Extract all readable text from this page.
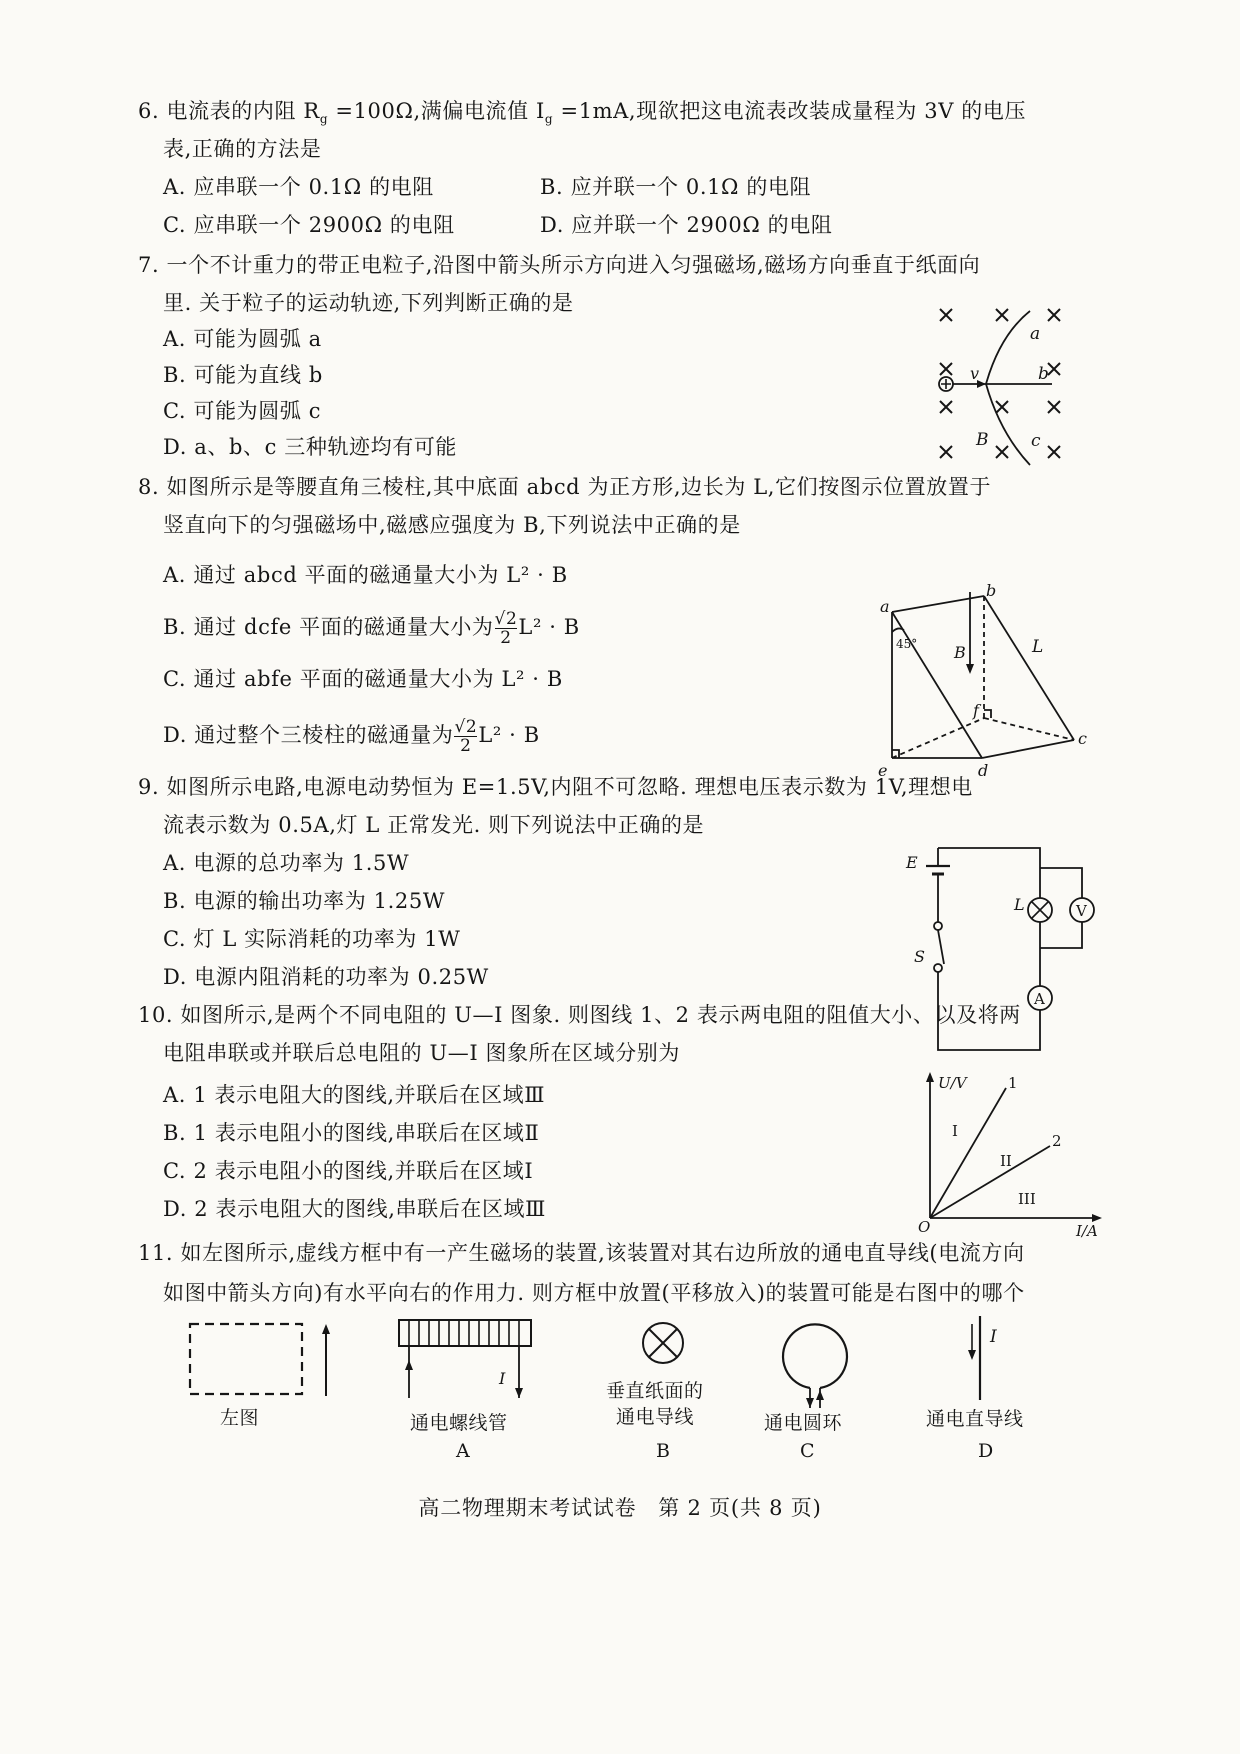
6. 电流表的内阻 $R_g =100\Omega$,满偏电流值 $I_g =1mA$,现欲把这电流表改装成量程为 3V 的电压
表,正确的方法是
A. 应串联一个 0.1Ω 的电阻	B. 应并联一个 0.1Ω 的电阻
C. 应串联一个 2900Ω 的电阻	D. 应并联一个 2900Ω 的电阻
7. 一个不计重力的带正电粒子,沿图中箭头所示方向进入匀强磁场,磁场方向垂直于纸面向
里. 关于粒子的运动轨迹,下列判断正确的是
A. 可能为圆弧 a
B. 可能为直线 b
C. 可能为圆弧 c
D. a、b、c 三种轨迹均有可能
v
a
b
c
B
8. 如图所示是等腰直角三棱柱,其中底面 abcd 为正方形,边长为 L,它们按图示位置放置于
竖直向下的匀强磁场中,磁感应强度为 B,下列说法中正确的是
A. 通过 abcd 平面的磁通量大小为 L² · B
B. 通过 dcfe 平面的磁通量大小为 $\frac{√2}{2} L^2 \cdot B$
C. 通过 abfe 平面的磁通量大小为 L² · B
D. 通过整个三棱柱的磁通量为 $\frac{√2}{2} L^2 \cdot B$
a
b
c
d
e
f
B	L
45°
9. 如图所示电路,电源电动势恒为 E=1.5V,内阻不可忽略. 理想电压表示数为 1V,理想电
流表示数为 0.5A,灯 L 正常发光. 则下列说法中正确的是
A. 电源的总功率为 1.5W
B. 电源的输出功率为 1.25W
C. 灯 L 实际消耗的功率为 1W
D. 电源内阻消耗的功率为 0.25W
V
A
E
S
L
10. 如图所示,是两个不同电阻的 U—I 图象. 则图线 1、2 表示两电阻的阻值大小、以及将两
电阻串联或并联后总电阻的 U—I 图象所在区域分别为
A. 1 表示电阻大的图线,并联后在区域Ⅲ
B. 1 表示电阻小的图线,串联后在区域Ⅱ
C. 2 表示电阻小的图线,并联后在区域Ⅰ
D. 2 表示电阻大的图线,串联后在区域Ⅲ
U/V
I/A
O
1
2
I
II
III
11. 如左图所示,虚线方框中有一产生磁场的装置,该装置对其右边所放的通电直导线(电流方向
如图中箭头方向)有水平向右的作用力. 则方框中放置(平移放入)的装置可能是右图中的哪个
左图
I
通电螺线管
A
垂直纸面的
通电导线
B
通电圆环
C
I
通电直导线
D
高二物理期末考试试卷　第 2 页(共 8 页)
